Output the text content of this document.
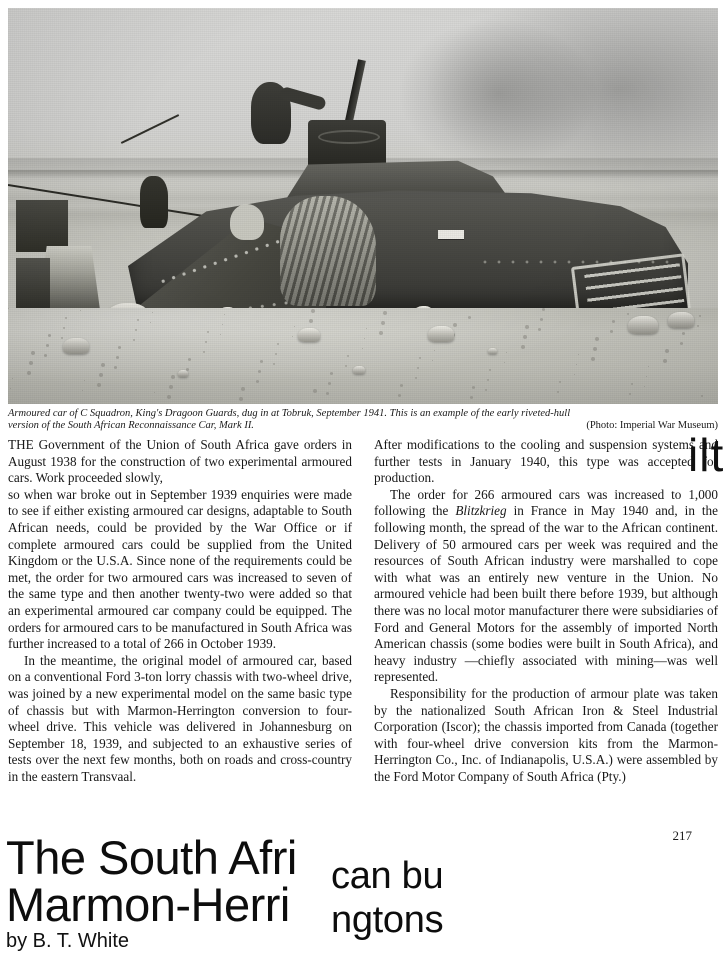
Armoured car of C Squadron, King's Dragoon Guards, dug in at Tobruk, September 1941. This is an example of the early riveted-hull

(Photo: Imperial War Museum)
version of the South African Reconnaissance Car, Mark II.

THE Government of the Union of South Africa gave orders in August 1938 for the construction of two experimental armoured cars. Work proceeded slowly,

so when war broke out in September 1939 enquiries were made to see if either existing armoured car designs, adaptable to South African needs, could be provided by the War Office or if complete armoured cars could be supplied from the United Kingdom or the U.S.A. Since none of the requirements could be met, the order for two armoured cars was increased to seven of the same type and then another twenty-two were added so that an experimental armoured car company could be equipped. The orders for armoured cars to be manufactured in South Africa was further increased to a total of 266 in October 1939.

In the meantime, the original model of armoured car, based on a conventional Ford 3-ton lorry chassis with two-wheel drive, was joined by a new experimental model on the same basic type of chassis but with Marmon-Herrington conversion to four-wheel drive. This vehicle was delivered in Johannesburg on September 18, 1939, and subjected to an exhaustive series of tests over the next few months, both on roads and cross-country in the eastern Transvaal.

After modifications to the cooling and suspension systems and further tests in January 1940, this type was accepted for production.

The order for 266 armoured cars was increased to 1,000 following the Blitzkrieg in France in May 1940 and, in the following month, the spread of the war to the African continent. Delivery of 50 armoured cars per week was required and the resources of South African industry were marshalled to cope with what was an entirely new venture in the Union. No armoured vehicle had been built there before 1939, but although there was no local motor manufacturer there were subsidiaries of Ford and General Motors for the assembly of imported North American chassis (some bodies were built in South Africa), and heavy industry —chiefly associated with mining—was well represented.

Responsibility for the production of armour plate was taken by the nationalized South African Iron & Steel Industrial Corporation (Iscor); the chassis imported from Canada (together with four-wheel drive conversion kits from the Marmon-Herrington Co., Inc. of Indianapolis, U.S.A.) were assembled by the Ford Motor Company of South Africa (Pty.)

ilt
217
The South Afri
Marmon-Herri
can bu
ngtons
by B. T. White
